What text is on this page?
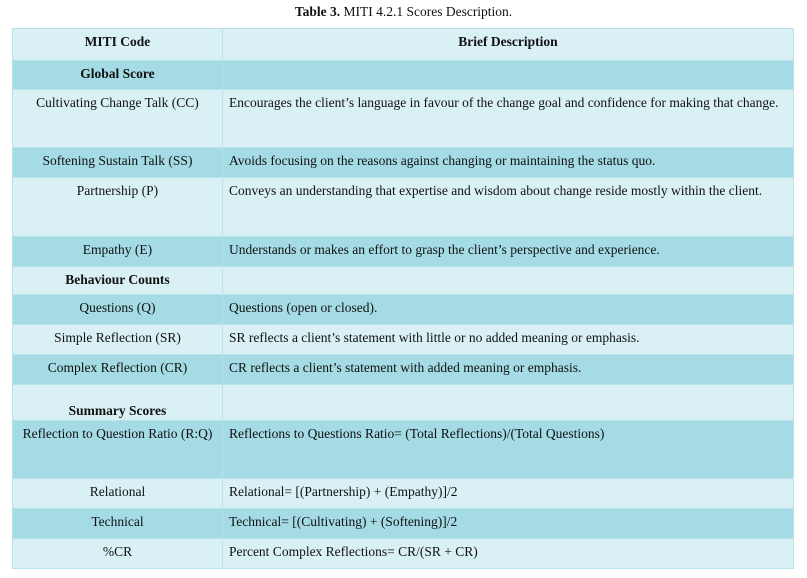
Table 3. MITI 4.2.1 Scores Description.
MITI Code	Brief Description
Global Score	
Cultivating Change Talk (CC)	Encourages the client’s language in favour of the change goal and confidence for making that change.
Softening Sustain Talk (SS)	Avoids focusing on the reasons against changing or maintaining the status quo.
Partnership (P)	Conveys an understanding that expertise and wisdom about change reside mostly within the client.
Empathy (E)	Understands or makes an effort to grasp the client’s perspective and experience.
Behaviour Counts	
Questions (Q)	Questions (open or closed).
Simple Reflection (SR)	SR reflects a client’s statement with little or no added meaning or emphasis.
Complex Reflection (CR)	CR reflects a client’s statement with added meaning or emphasis.
Summary Scores	
Reflection to Question Ratio (R:Q)	Reflections to Questions Ratio= (Total Reflections)/(Total Questions)
Relational	Relational= [(Partnership) + (Empathy)]/2
Technical	Technical= [(Cultivating) + (Softening)]/2
%CR	Percent Complex Reflections= CR/(SR + CR)
